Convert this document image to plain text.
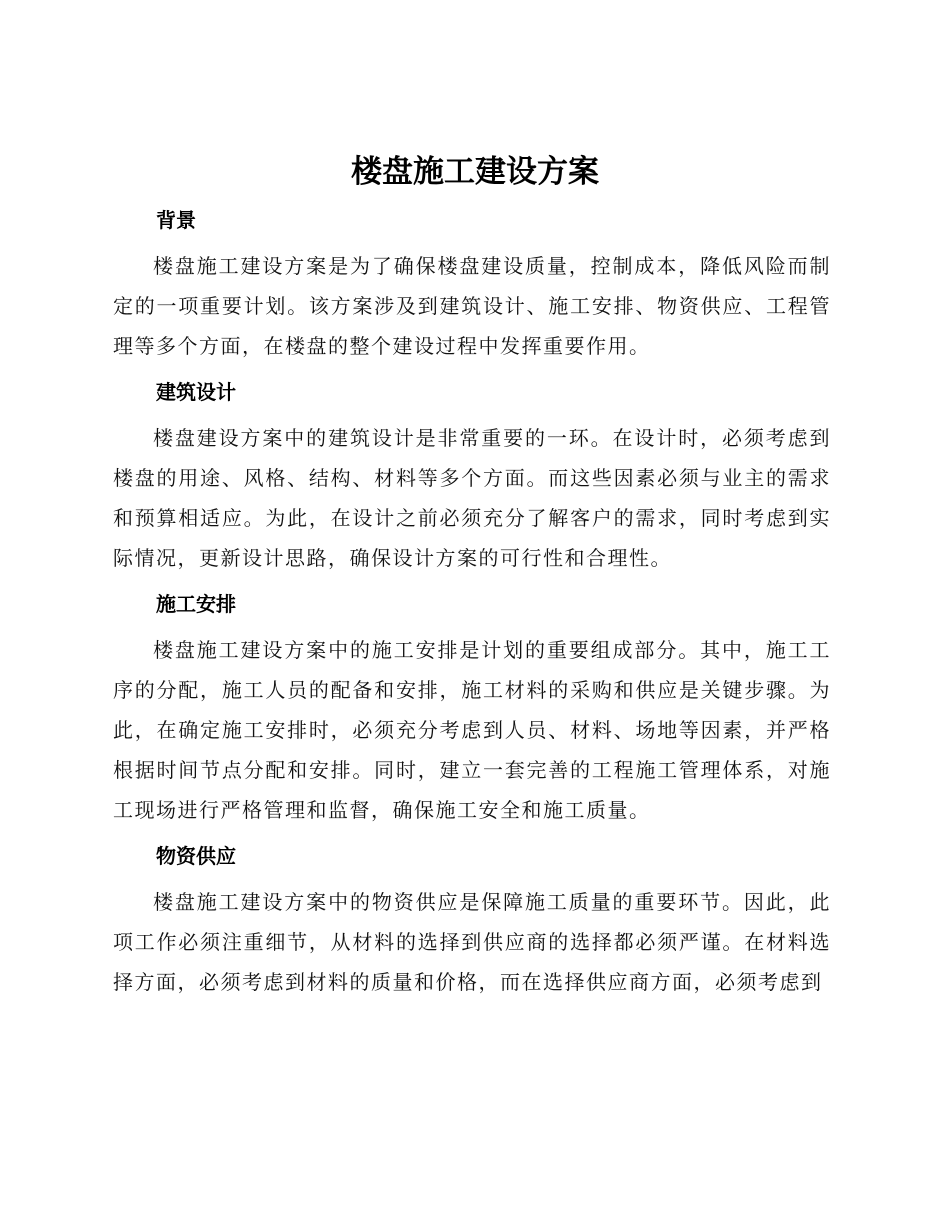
楼盘施工建设方案
背景

楼盘施工建设方案是为了确保楼盘建设质量，控制成本，降低风险而制定的一项重要计划。该方案涉及到建筑设计、施工安排、物资供应、工程管理等多个方面，在楼盘的整个建设过程中发挥重要作用。

建筑设计

楼盘建设方案中的建筑设计是非常重要的一环。在设计时，必须考虑到楼盘的用途、风格、结构、材料等多个方面。而这些因素必须与业主的需求和预算相适应。为此，在设计之前必须充分了解客户的需求，同时考虑到实际情况，更新设计思路，确保设计方案的可行性和合理性。

施工安排

楼盘施工建设方案中的施工安排是计划的重要组成部分。其中，施工工序的分配，施工人员的配备和安排，施工材料的采购和供应是关键步骤。为此，在确定施工安排时，必须充分考虑到人员、材料、场地等因素，并严格根据时间节点分配和安排。同时，建立一套完善的工程施工管理体系，对施工现场进行严格管理和监督，确保施工安全和施工质量。

物资供应

楼盘施工建设方案中的物资供应是保障施工质量的重要环节。因此，此项工作必须注重细节，从材料的选择到供应商的选择都必须严谨。在材料选择方面，必须考虑到材料的质量和价格，而在选择供应商方面，必须考虑到
